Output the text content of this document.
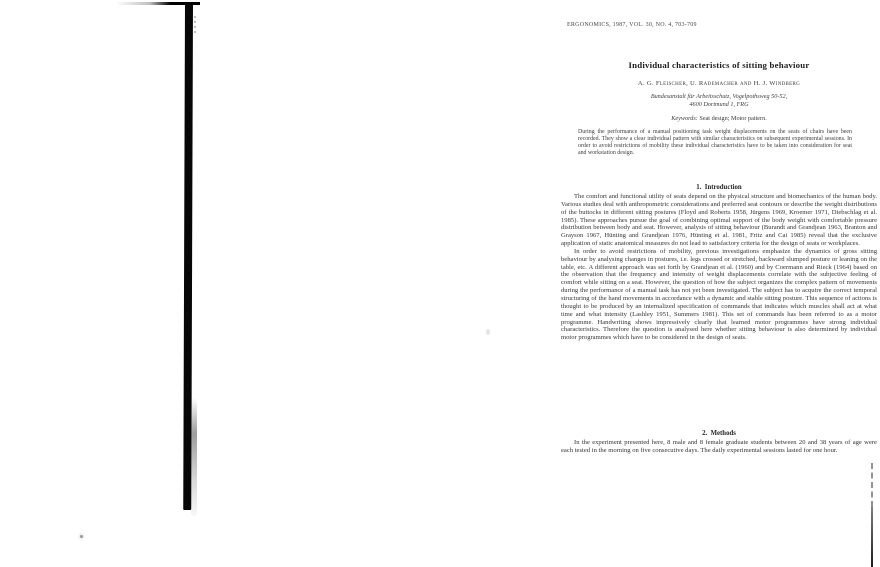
ERGONOMICS, 1987, VOL. 30, NO. 4, 703-709
Individual characteristics of sitting behaviour
A. G. Fleischer, U. Rademacher and H. J. Windberg
Bundesanstalt für Arbeitsschutz, Vogelpothsweg 50-52,
4600 Dortmund 1, FRG
Keywords: Seat design; Motor pattern.
During the performance of a manual positioning task weight displacements on the seats of chairs have been recorded. They show a clear individual pattern with similar characteristics on subsequent experimental sessions. In order to avoid restrictions of mobility these individual characteristics have to be taken into consideration for seat and workstation design.
1. Introduction

The comfort and functional utility of seats depend on the physical structure and biomechanics of the human body. Various studies deal with anthropometric considerations and preferred seat contours or describe the weight distributions of the buttocks in different sitting postures (Floyd and Roberts 1958, Jürgens 1969, Kroemer 1971, Diebschlag et al. 1985). These approaches pursue the goal of combining optimal support of the body weight with comfortable pressure distribution between body and seat. However, analysis of sitting behaviour (Burandt and Grandjean 1963, Branton and Grayson 1967, Hünting and Grandjean 1976, Hünting et al. 1981, Fritz and Cai 1985) reveal that the exclusive application of static anatomical measures do not lead to satisfactory criteria for the design of seats or workplaces.

In order to avoid restrictions of mobility, previous investigations emphasize the dynamics of gross sitting behaviour by analysing changes in postures, i.e. legs crossed or stretched, backward slumped posture or leaning on the table, etc. A different approach was set forth by Grandjean et al. (1960) and by Coermann and Rieck (1964) based on the observation that the frequency and intensity of weight displacements correlate with the subjective feeling of comfort while sitting on a seat. However, the question of how the subject organizes the complex pattern of movements during the performance of a manual task has not yet been investigated. The subject has to acquire the correct temporal structuring of the hand movements in accordance with a dynamic and stable sitting posture. This sequence of actions is thought to be produced by an internalized specification of commands that indicates which muscles shall act at what time and what intensity (Lashley 1951, Summers 1981). This set of commands has been referred to as a motor programme. Handwriting shows impressively clearly that learned motor programmes have strong individual characteristics. Therefore the question is analysed here whether sitting behaviour is also determined by individual motor programmes which have to be considered in the design of seats.

2. Methods

In the experiment presented here, 8 male and 8 female graduate students between 20 and 38 years of age were each tested in the morning on five consecutive days. The daily experimental sessions lasted for one hour.
